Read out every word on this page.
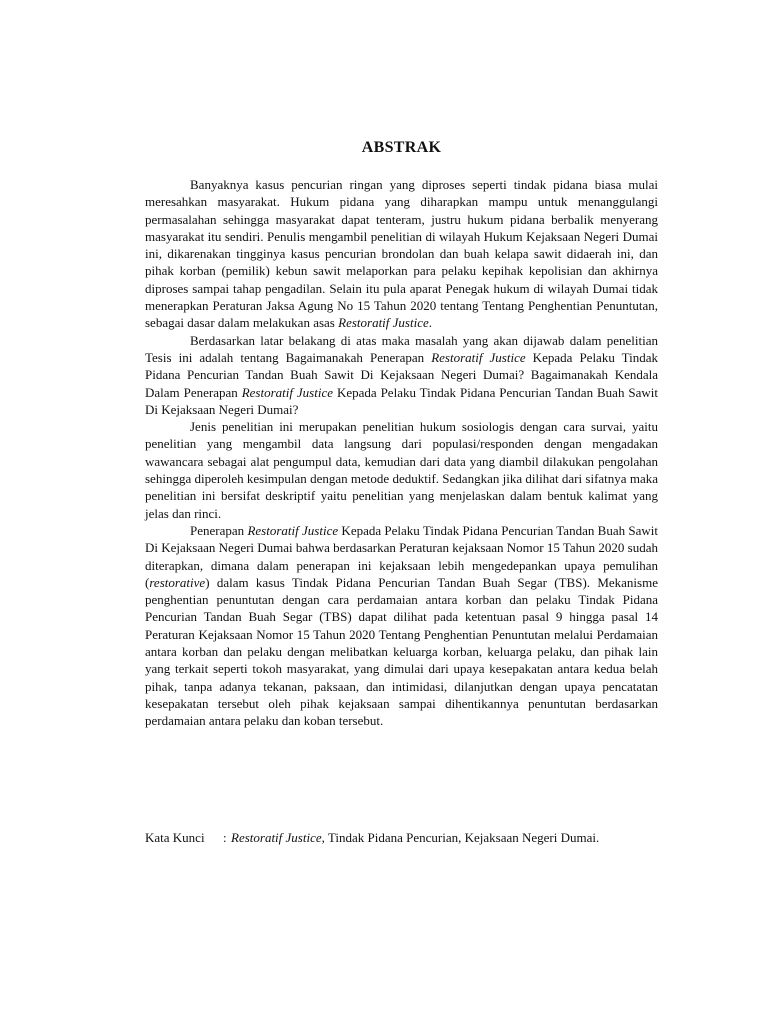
ABSTRAK

Banyaknya kasus pencurian ringan yang diproses seperti tindak pidana biasa mulai meresahkan masyarakat. Hukum pidana yang diharapkan mampu untuk menanggulangi permasalahan sehingga masyarakat dapat tenteram, justru hukum pidana berbalik menyerang masyarakat itu sendiri. Penulis mengambil penelitian di wilayah Hukum Kejaksaan Negeri Dumai ini, dikarenakan tingginya kasus pencurian brondolan dan buah kelapa sawit didaerah ini, dan pihak korban (pemilik) kebun sawit melaporkan para pelaku kepihak kepolisian dan akhirnya diproses sampai tahap pengadilan. Selain itu pula aparat Penegak hukum di wilayah Dumai tidak menerapkan Peraturan Jaksa Agung No 15 Tahun 2020 tentang Tentang Penghentian Penuntutan, sebagai dasar dalam melakukan asas Restoratif Justice.

Berdasarkan latar belakang di atas maka masalah yang akan dijawab dalam penelitian Tesis ini adalah tentang Bagaimanakah Penerapan Restoratif Justice Kepada Pelaku Tindak Pidana Pencurian Tandan Buah Sawit Di Kejaksaan Negeri Dumai? Bagaimanakah Kendala Dalam Penerapan Restoratif Justice Kepada Pelaku Tindak Pidana Pencurian Tandan Buah Sawit Di Kejaksaan Negeri Dumai?

Jenis penelitian ini merupakan penelitian hukum sosiologis dengan cara survai, yaitu penelitian yang mengambil data langsung dari populasi/responden dengan mengadakan wawancara sebagai alat pengumpul data, kemudian dari data yang diambil dilakukan pengolahan sehingga diperoleh kesimpulan dengan metode deduktif. Sedangkan jika dilihat dari sifatnya maka penelitian ini bersifat deskriptif yaitu penelitian yang menjelaskan dalam bentuk kalimat yang jelas dan rinci.

Penerapan Restoratif Justice Kepada Pelaku Tindak Pidana Pencurian Tandan Buah Sawit Di Kejaksaan Negeri Dumai bahwa berdasarkan Peraturan kejaksaan Nomor 15 Tahun 2020 sudah diterapkan, dimana dalam penerapan ini kejaksaan lebih mengedepankan upaya pemulihan (restorative) dalam kasus Tindak Pidana Pencurian Tandan Buah Segar (TBS). Mekanisme penghentian penuntutan dengan cara perdamaian antara korban dan pelaku Tindak Pidana Pencurian Tandan Buah Segar (TBS) dapat dilihat pada ketentuan pasal 9 hingga pasal 14 Peraturan Kejaksaan Nomor 15 Tahun 2020 Tentang Penghentian Penuntutan melalui Perdamaian antara korban dan pelaku dengan melibatkan keluarga korban, keluarga pelaku, dan pihak lain yang terkait seperti tokoh masyarakat, yang dimulai dari upaya kesepakatan antara kedua belah pihak, tanpa adanya tekanan, paksaan, dan intimidasi, dilanjutkan dengan upaya pencatatan kesepakatan tersebut oleh pihak kejaksaan sampai dihentikannya penuntutan berdasarkan perdamaian antara pelaku dan koban tersebut.

Kata Kunci	: Restoratif Justice, Tindak Pidana Pencurian, Kejaksaan Negeri Dumai.
